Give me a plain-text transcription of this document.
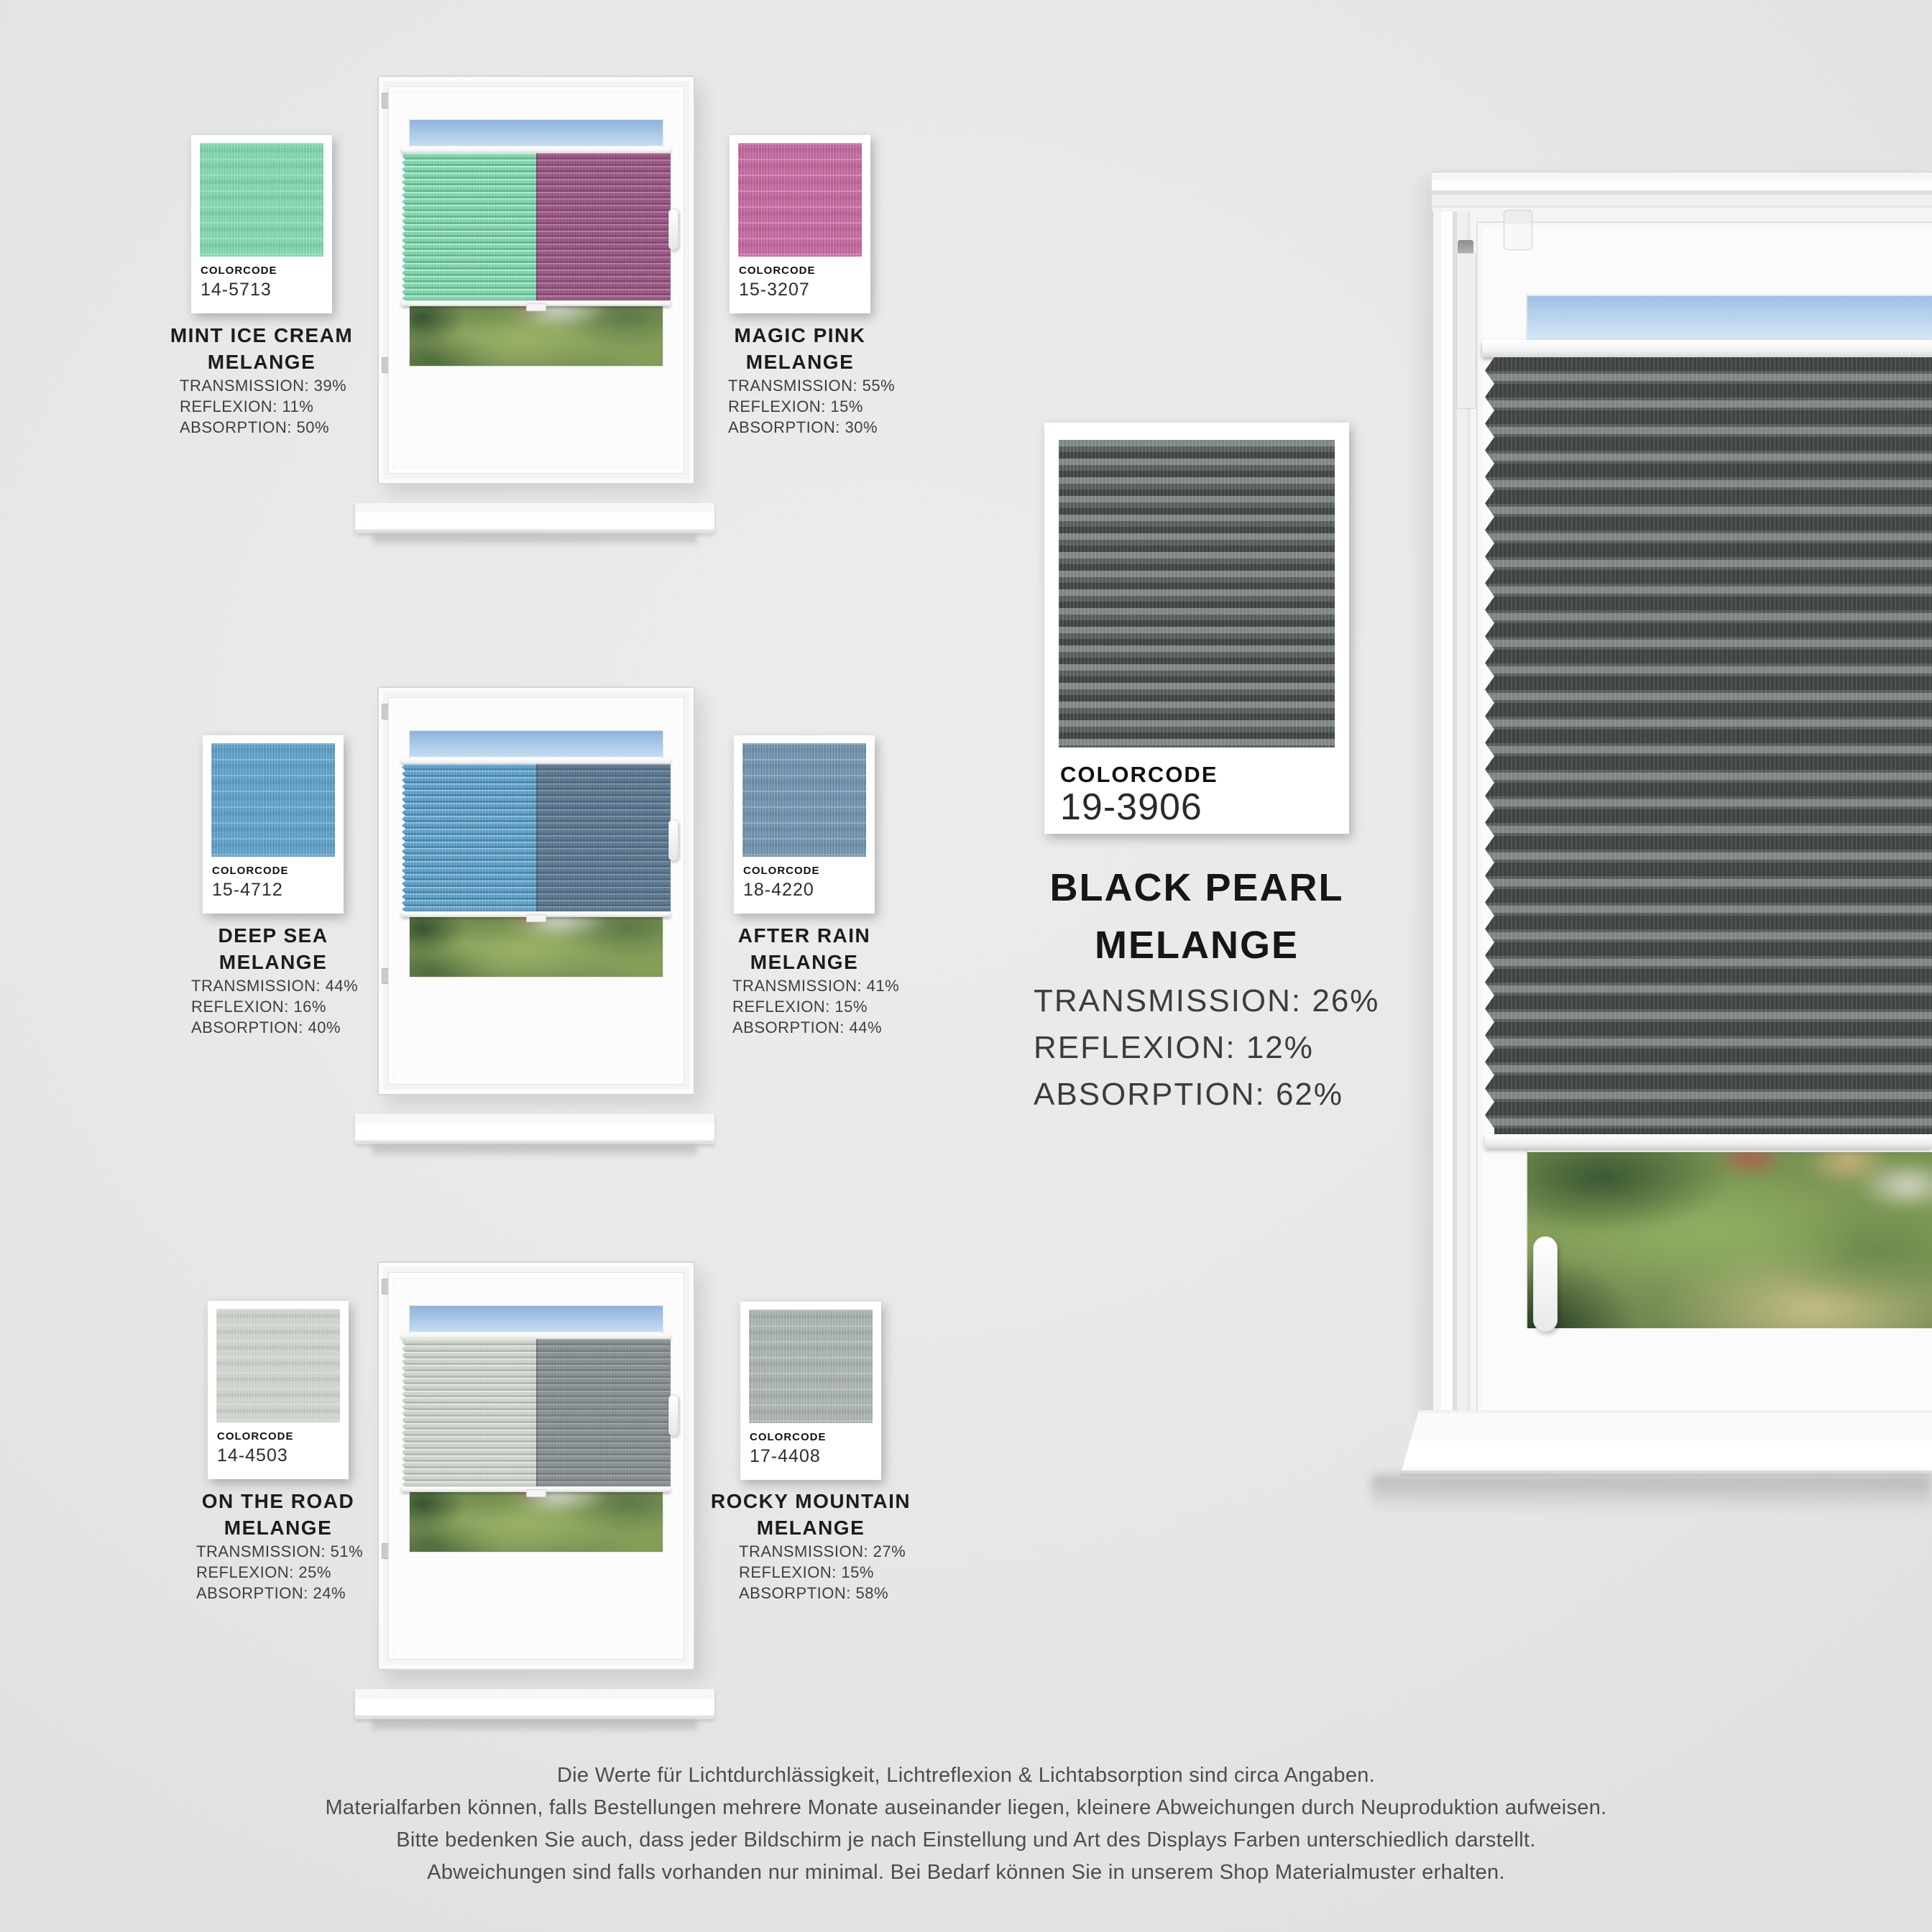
COLORCODE
14-5713
MINT ICE CREAM
MELANGE
TRANSMISSION: 39%
REFLEXION: 11%
ABSORPTION: 50%
COLORCODE
15-3207
MAGIC PINK
MELANGE
TRANSMISSION: 55%
REFLEXION: 15%
ABSORPTION: 30%
COLORCODE
15-4712
DEEP SEA
MELANGE
TRANSMISSION: 44%
REFLEXION: 16%
ABSORPTION: 40%
COLORCODE
18-4220
AFTER RAIN
MELANGE
TRANSMISSION: 41%
REFLEXION: 15%
ABSORPTION: 44%
COLORCODE
14-4503
ON THE ROAD
MELANGE
TRANSMISSION: 51%
REFLEXION: 25%
ABSORPTION: 24%
COLORCODE
17-4408
ROCKY MOUNTAIN
MELANGE
TRANSMISSION: 27%
REFLEXION: 15%
ABSORPTION: 58%
COLORCODE
19-3906
BLACK PEARL
MELANGE
TRANSMISSION: 26%
REFLEXION: 12%
ABSORPTION: 62%
Die Werte für Lichtdurchlässigkeit, Lichtreflexion & Lichtabsorption sind circa Angaben.
Materialfarben können, falls Bestellungen mehrere Monate auseinander liegen, kleinere Abweichungen durch Neuproduktion aufweisen.
Bitte bedenken Sie auch, dass jeder Bildschirm je nach Einstellung und Art des Displays Farben unterschiedlich darstellt.
Abweichungen sind falls vorhanden nur minimal. Bei Bedarf können Sie in unserem Shop Materialmuster erhalten.
